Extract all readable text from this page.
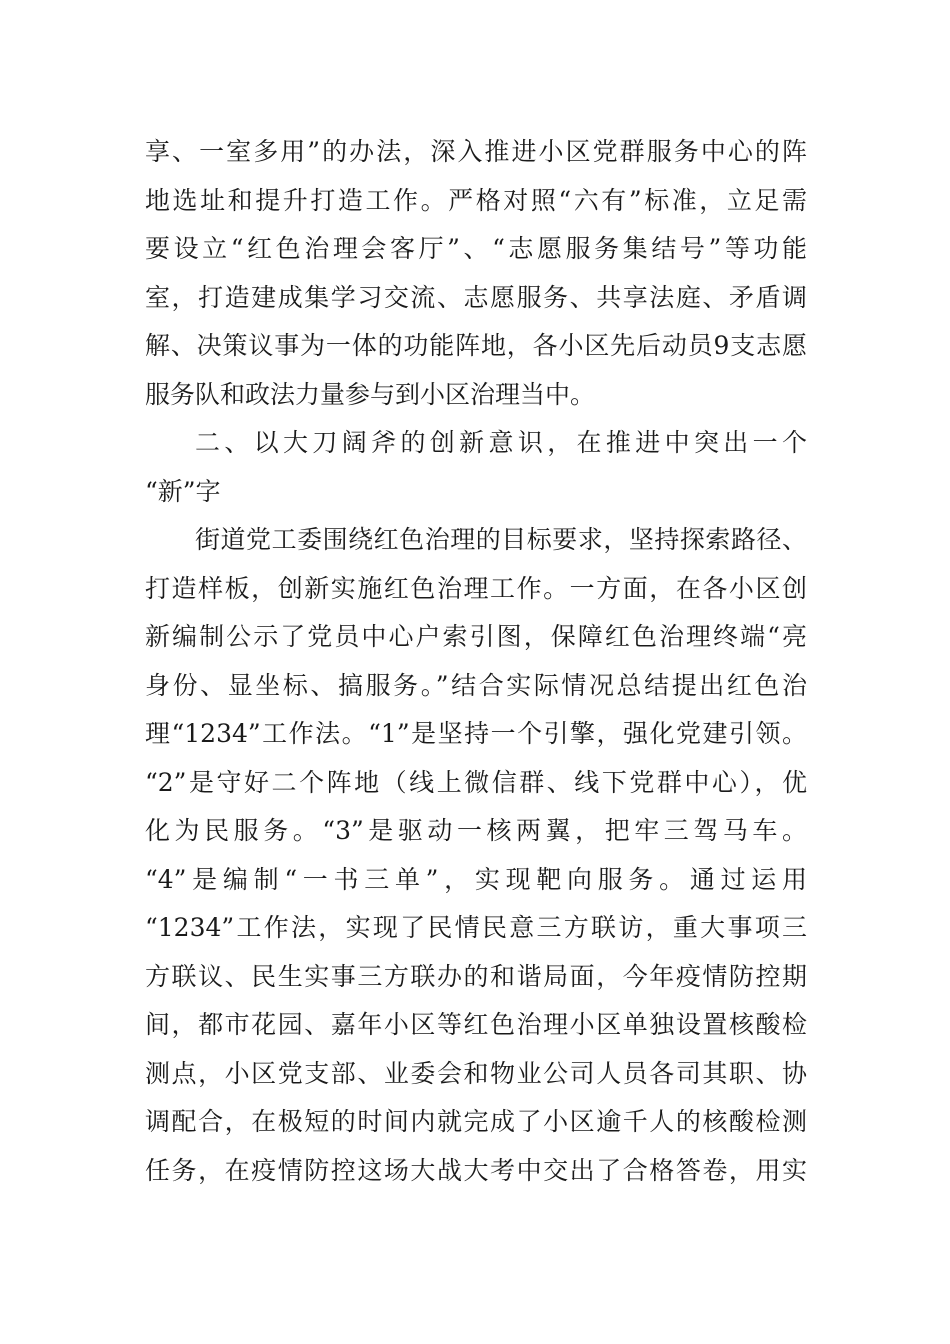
享、一室多用”的办法，深入推进小区党群服务中心的阵
地选址和提升打造工作。严格对照“六有”标准，立足需
要设立“红色治理会客厅”、“志愿服务集结号”等功能
室，打造建成集学习交流、志愿服务、共享法庭、矛盾调
解、决策议事为一体的功能阵地，各小区先后动员9支志愿
服务队和政法力量参与到小区治理当中。
二、以大刀阔斧的创新意识，在推进中突出一个
“新”字
街道党工委围绕红色治理的目标要求，坚持探索路径、
打造样板，创新实施红色治理工作。一方面，在各小区创
新编制公示了党员中心户索引图，保障红色治理终端“亮
身份、显坐标、搞服务。”结合实际情况总结提出红色治
理“1234”工作法。“1”是坚持一个引擎，强化党建引领。
“2”是守好二个阵地（线上微信群、线下党群中心），优
化为民服务。“3”是驱动一核两翼，把牢三驾马车。
“4”是编制“一书三单”，实现靶向服务。通过运用
“1234”工作法，实现了民情民意三方联访，重大事项三
方联议、民生实事三方联办的和谐局面，今年疫情防控期
间，都市花园、嘉年小区等红色治理小区单独设置核酸检
测点，小区党支部、业委会和物业公司人员各司其职、协
调配合，在极短的时间内就完成了小区逾千人的核酸检测
任务，在疫情防控这场大战大考中交出了合格答卷，用实
